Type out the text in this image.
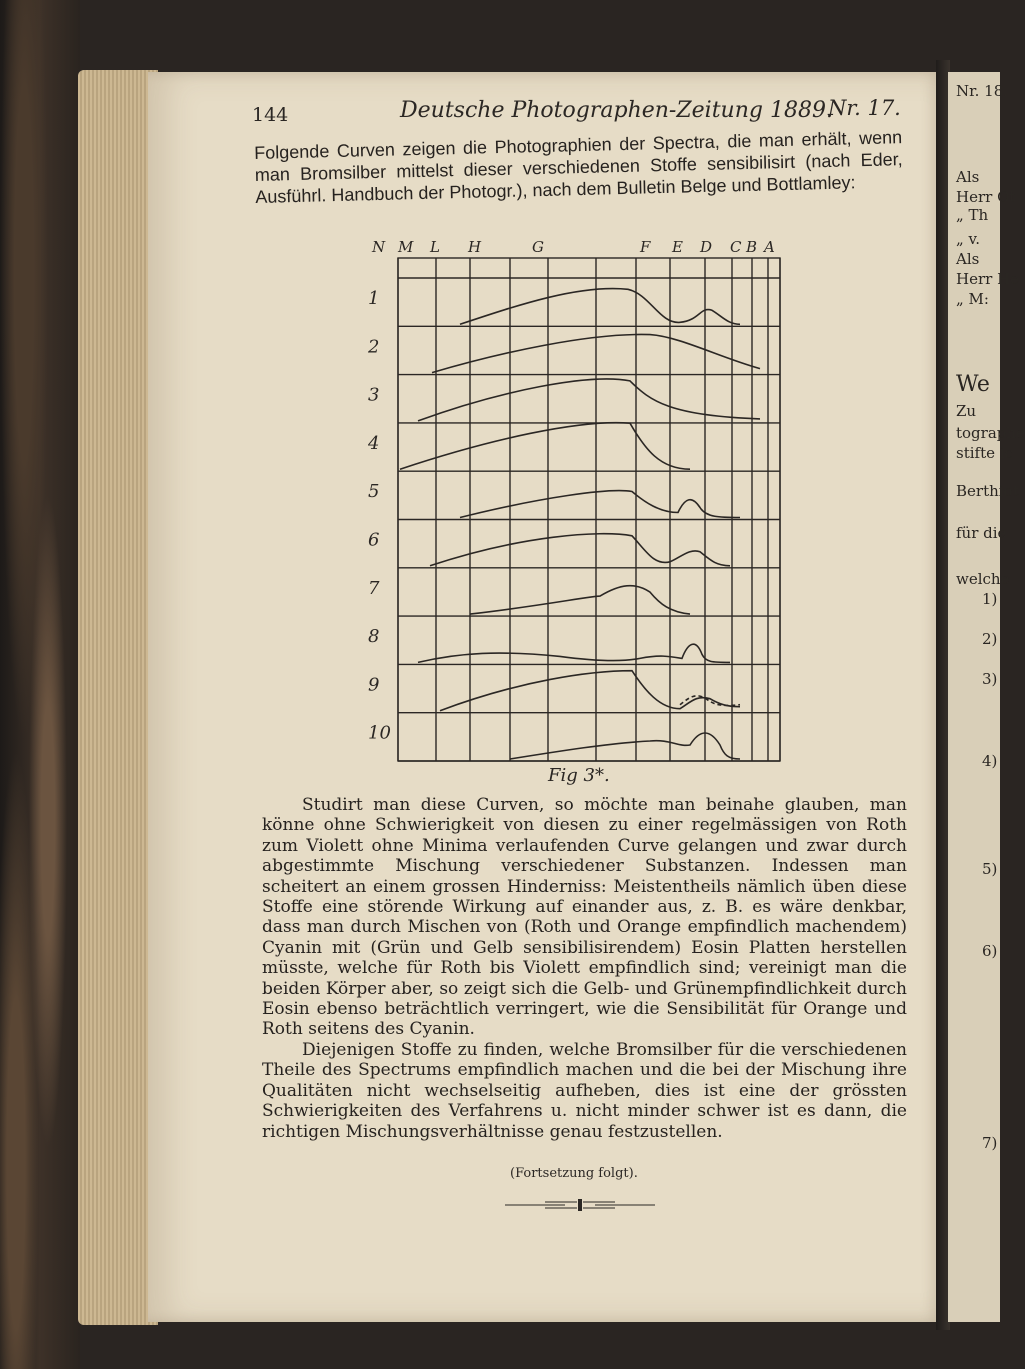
144	Deutsche Photographen-Zeitung 1889.
Nr. 17.
Folgende Curven zeigen die Photographien der Spectra, die man erhält, wenn man Bromsilber mittelst dieser verschiedenen Stoffe sensibilisirt (nach Eder, Ausführl. Handbuch der Photogr.), nach dem Bulletin Belge und Bottlamley:
N M L H	G	F E D C B A
1
2
3
4
5
6
7
8
9
10
Fig 3*.

Studirt man diese Curven, so möchte man beinahe glauben, man könne ohne Schwierigkeit von diesen zu einer regelmässigen von Roth zum Violett ohne Minima verlaufenden Curve gelangen und zwar durch abgestimmte Mischung verschiedener Substanzen. Indessen man scheitert an einem grossen Hinderniss: Meistentheils nämlich üben diese Stoffe eine störende Wirkung auf einander aus, z. B. es wäre denkbar, dass man durch Mischen von (Roth und Orange empfindlich machendem) Cyanin mit (Grün und Gelb sensibilisirendem) Eosin Platten herstellen müsste, welche für Roth bis Violett empfindlich sind; vereinigt man die beiden Körper aber, so zeigt sich die Gelb- und Grünempfindlichkeit durch Eosin ebenso beträchtlich verringert, wie die Sensibilität für Orange und Roth seitens des Cyanin.

Diejenigen Stoffe zu finden, welche Bromsilber für die verschiedenen Theile des Spectrums empfindlich machen und die bei der Mischung ihre Qualitäten nicht wechselseitig aufheben, dies ist eine der grössten Schwierigkeiten des Verfahrens u. nicht minder schwer ist es dann, die richtigen Mischungsverhältnisse genau festzustellen.

(Fortsetzung folgt).
Nr. 18.
Als
Herr Ot
„ Th
„ v.
Als
Herr He
„ M:
We
Zu
tographe
stifte ic
Berthiot
für die
welche
1)
2)
3)
4)
5)
6)
7)
